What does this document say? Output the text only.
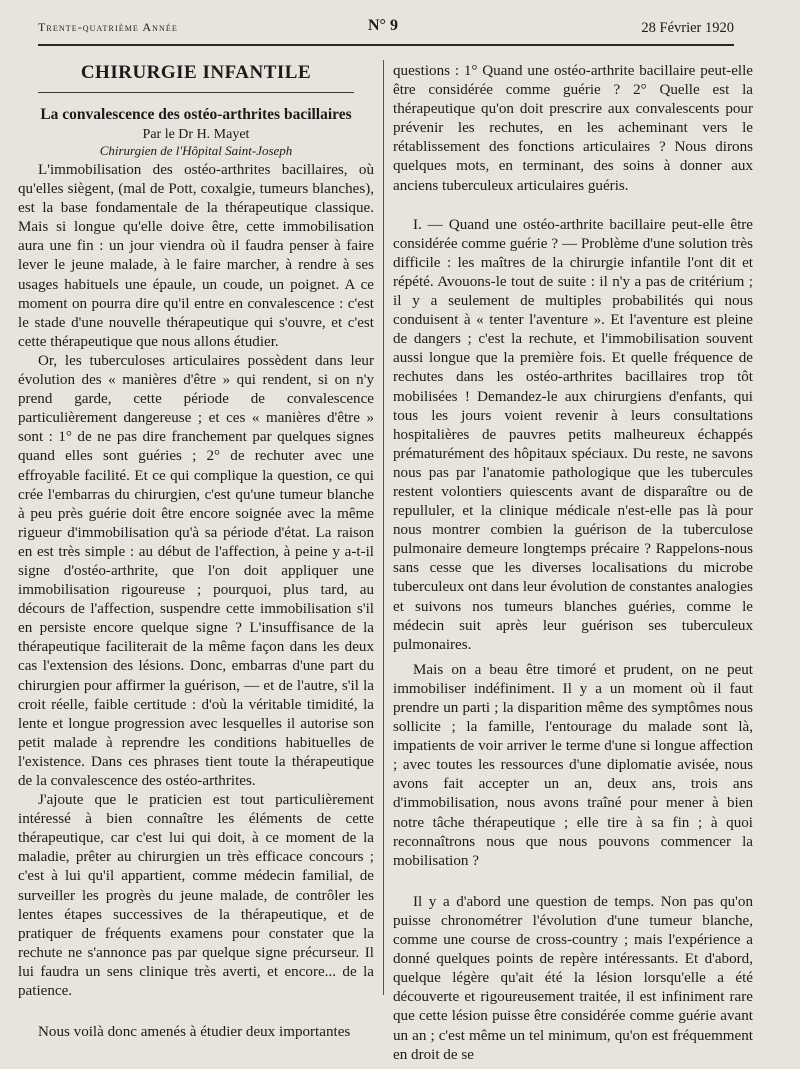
Trente-quatrième Année	N° 9	28 Février 1920
CHIRURGIE INFANTILE
La convalescence des ostéo-arthrites bacillaires
Par le Dr H. Mayet
Chirurgien de l'Hôpital Saint-Joseph

L'immobilisation des ostéo-arthrites bacillaires, où qu'elles siègent, (mal de Pott, coxalgie, tumeurs blanches), est la base fondamentale de la thérapeutique classique. Mais si longue qu'elle doive être, cette immobilisation aura une fin : un jour viendra où il faudra penser à faire lever le jeune malade, à le faire marcher, à rendre à ses usages habituels une épaule, un coude, un poignet. A ce moment on pourra dire qu'il entre en convalescence : c'est le stade d'une nouvelle thérapeutique qui s'ouvre, et c'est cette thérapeutique que nous allons étudier.

Or, les tuberculoses articulaires possèdent dans leur évolution des « manières d'être » qui rendent, si on n'y prend garde, cette période de convalescence particulièrement dangereuse ; et ces « manières d'être » sont : 1° de ne pas dire franchement par quelques signes quand elles sont guéries ; 2° de rechuter avec une effroyable facilité. Et ce qui complique la question, ce qui crée l'embarras du chirurgien, c'est qu'une tumeur blanche à peu près guérie doit être encore soignée avec la même rigueur d'immobilisation qu'à sa période d'état. La raison en est très simple : au début de l'affection, à peine y a-t-il signe d'ostéo-arthrite, que l'on doit appliquer une immobilisation rigoureuse ; pourquoi, plus tard, au décours de l'affection, suspendre cette immobilisation s'il en persiste encore quelque signe ? L'insuffisance de la thérapeutique faciliterait de la même façon dans les deux cas l'extension des lésions. Donc, embarras d'une part du chirurgien pour affirmer la guérison, — et de l'autre, s'il la croit réelle, faible certitude : d'où la véritable timidité, la lente et longue progression avec lesquelles il autorise son petit malade à reprendre les conditions habituelles de l'existence. Dans ces phrases tient toute la thérapeutique de la convalescence des ostéo-arthrites.

J'ajoute que le praticien est tout particulièrement intéressé à bien connaître les éléments de cette thérapeutique, car c'est lui qui doit, à ce moment de la maladie, prêter au chirurgien un très efficace concours ; c'est à lui qu'il appartient, comme médecin familial, de surveiller les progrès du jeune malade, de contrôler les lentes étapes successives de la thérapeutique, et de pratiquer de fréquents examens pour constater que la rechute ne s'annonce pas par quelque signe précurseur. Il lui faudra un sens clinique très averti, et encore... de la patience.

Nous voilà donc amenés à étudier deux importantes

questions : 1° Quand une ostéo-arthrite bacillaire peut-elle être considérée comme guérie ? 2° Quelle est la thérapeutique qu'on doit prescrire aux convalescents pour prévenir les rechutes, en les acheminant vers le rétablissement des fonctions articulaires ? Nous dirons quelques mots, en terminant, des soins à donner aux anciens tuberculeux articulaires guéris.

I. — Quand une ostéo-arthrite bacillaire peut-elle être considérée comme guérie ? — Problème d'une solution très difficile : les maîtres de la chirurgie infantile l'ont dit et répété. Avouons-le tout de suite : il n'y a pas de critérium ; il y a seulement de multiples probabilités qui nous conduisent à « tenter l'aventure ». Et l'aventure est pleine de dangers ; c'est la rechute, et l'immobilisation souvent aussi longue que la première fois. Et quelle fréquence de rechutes dans les ostéo-arthrites bacillaires trop tôt mobilisées ! Demandez-le aux chirurgiens d'enfants, qui tous les jours voient revenir à leurs consultations hospitalières de pauvres petits malheureux échappés prématurément des hôpitaux spéciaux. Du reste, ne savons nous pas par l'anatomie pathologique que les tubercules restent volontiers quiescents avant de disparaître ou de repulluler, et la clinique médicale n'est-elle pas là pour nous montrer combien la guérison de la tuberculose pulmonaire demeure longtemps précaire ? Rappelons-nous sans cesse que les diverses localisations du microbe tuberculeux ont dans leur évolution de constantes analogies et suivons nos tumeurs blanches guéries, comme le médecin suit après leur guérison ses tuberculeux pulmonaires.

Mais on a beau être timoré et prudent, on ne peut immobiliser indéfiniment. Il y a un moment où il faut prendre un parti ; la disparition même des symptômes nous sollicite ; la famille, l'entourage du malade sont là, impatients de voir arriver le terme d'une si longue affection ; avec toutes les ressources d'une diplomatie avisée, nous avons fait accepter un an, deux ans, trois ans d'immobilisation, nous avons traîné pour mener à bien notre tâche thérapeutique ; elle tire à sa fin ; à quoi reconnaîtrons nous que nous pouvons commencer la mobilisation ?

Il y a d'abord une question de temps. Non pas qu'on puisse chronométrer l'évolution d'une tumeur blanche, comme une course de cross-country ; mais l'expérience a donné quelques points de repère intéressants. Et d'abord, quelque légère qu'ait été la lésion lorsqu'elle a été découverte et rigoureusement traitée, il est infiniment rare que cette lésion puisse être considérée comme guérie avant un an ; c'est même un tel minimum, qu'on est fréquemment en droit de se
